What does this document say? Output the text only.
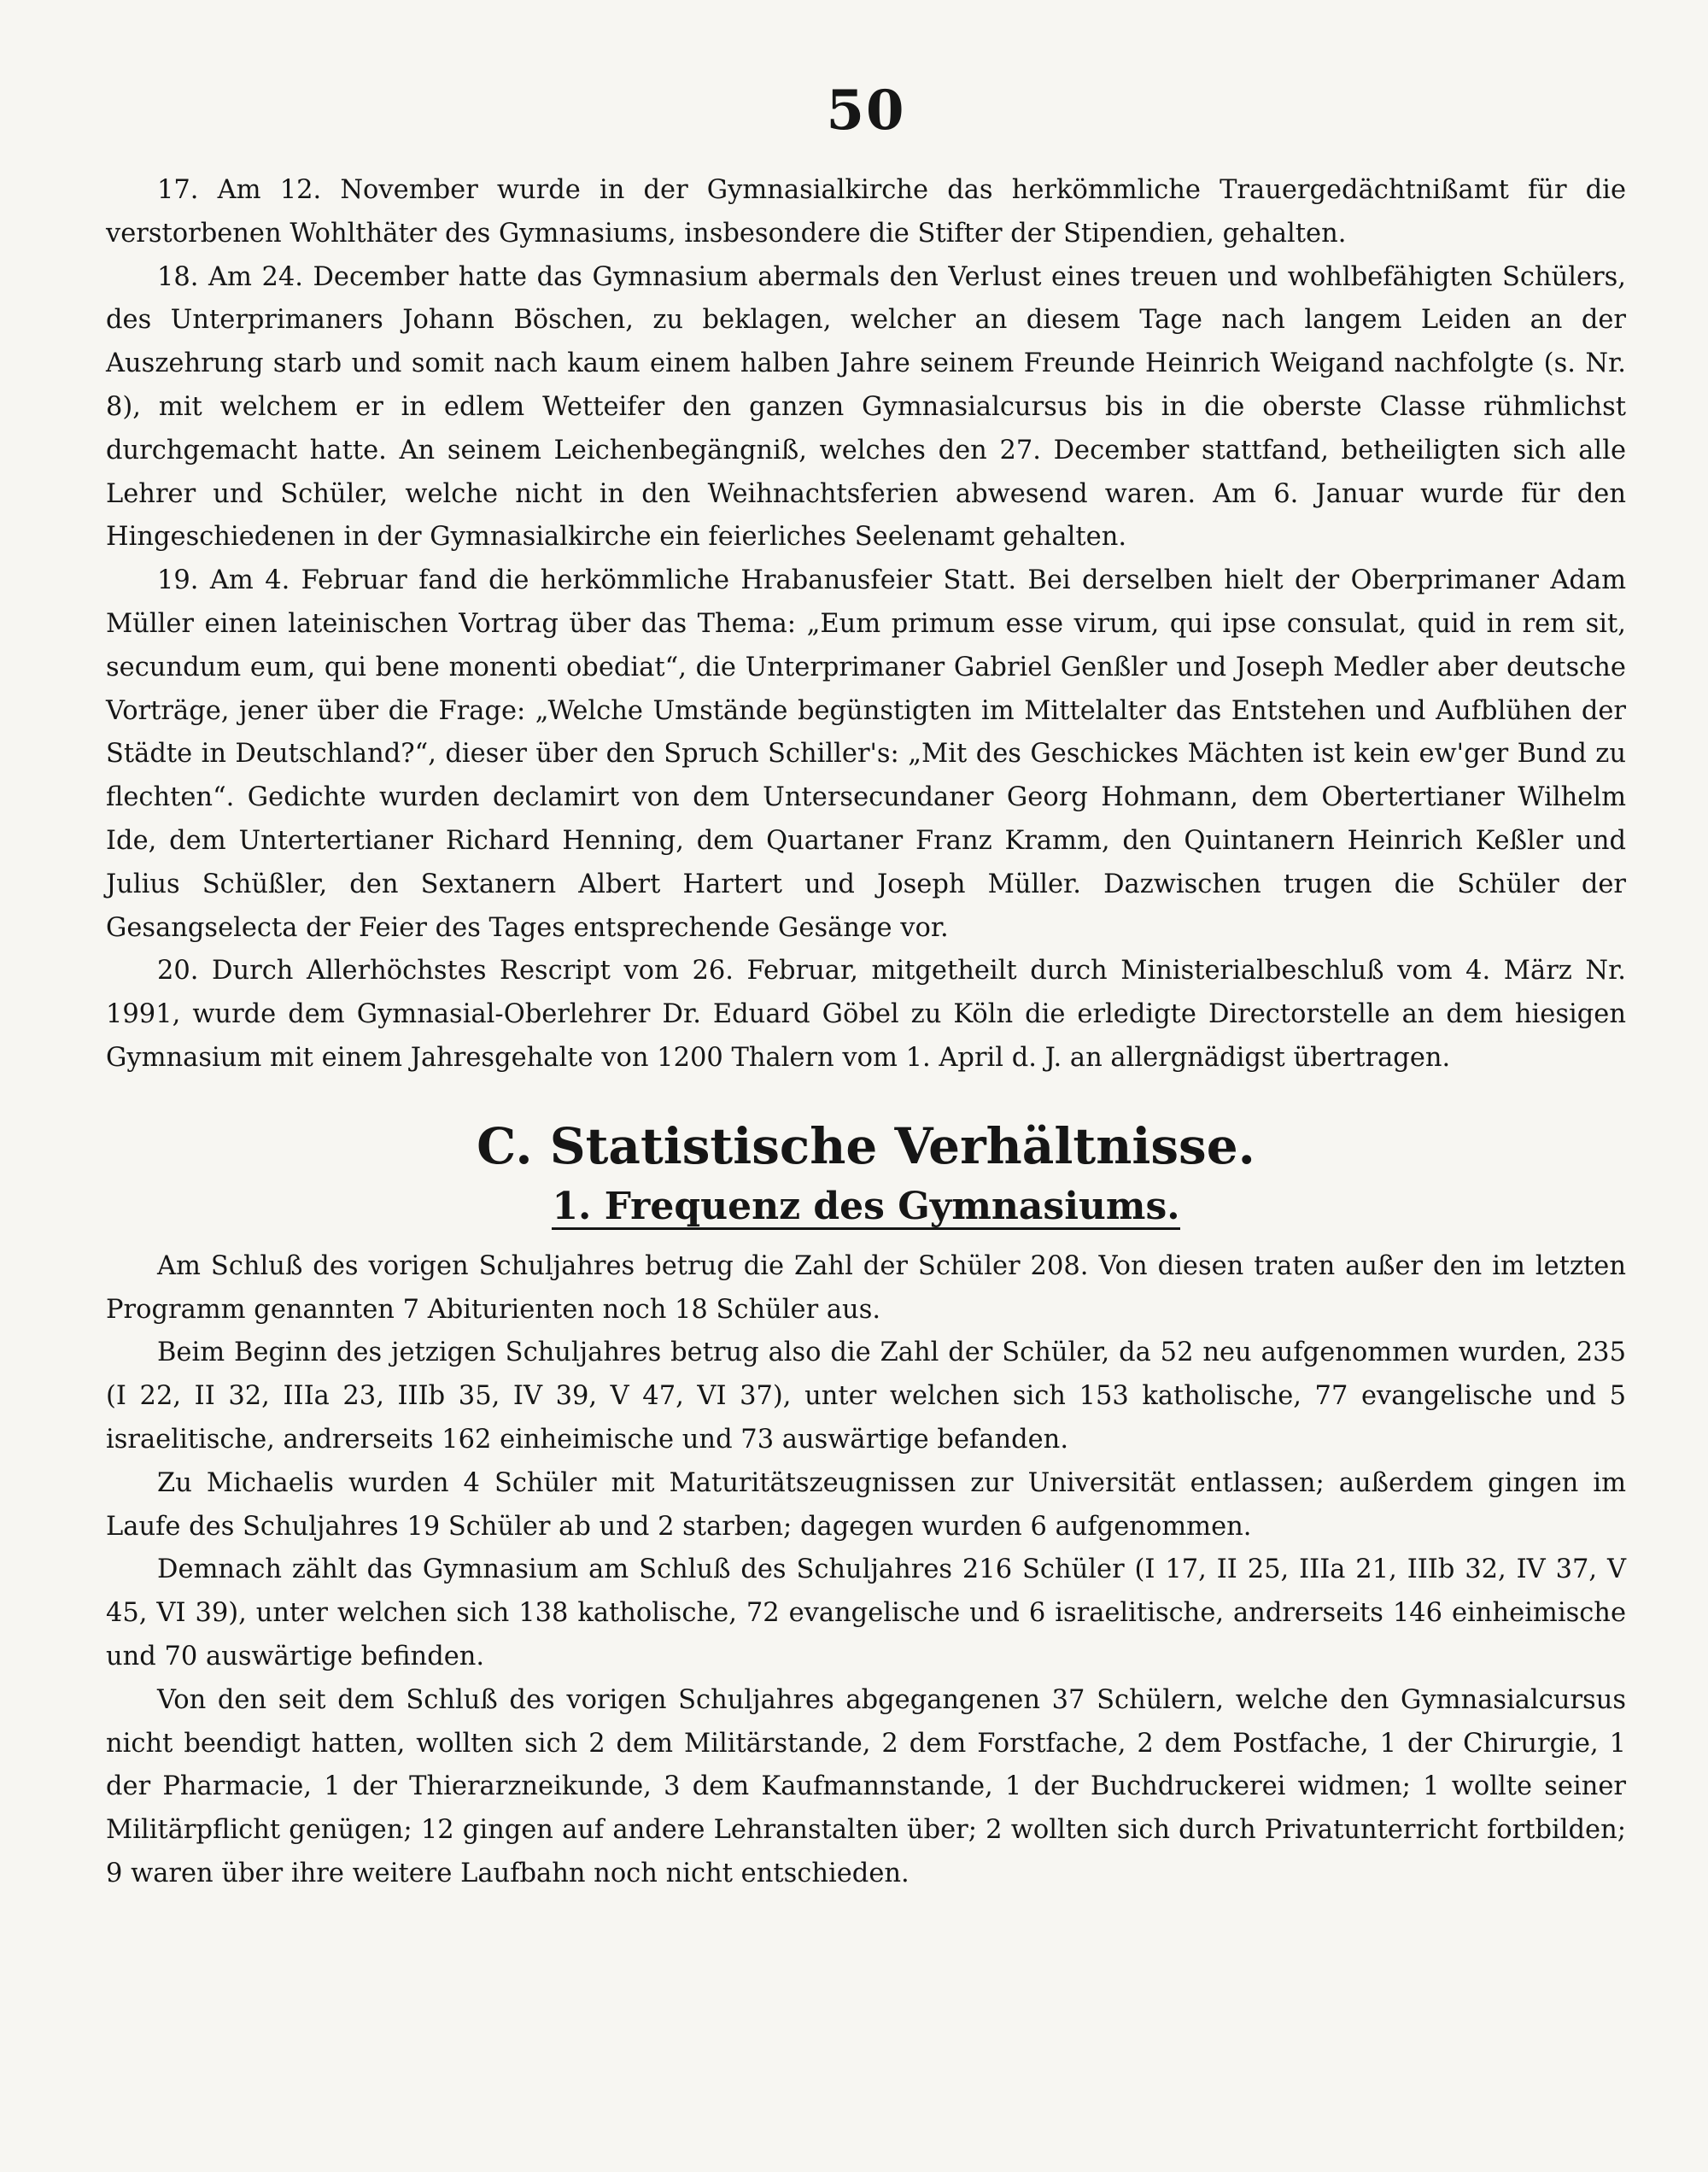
50

17. Am 12. November wurde in der Gymnasialkirche das herkömmliche Trauergedächtnißamt für die verstorbenen Wohlthäter des Gymnasiums, insbesondere die Stifter der Stipendien, gehalten.

18. Am 24. December hatte das Gymnasium abermals den Verlust eines treuen und wohlbefähigten Schülers, des Unterprimaners Johann Böschen, zu beklagen, welcher an diesem Tage nach langem Leiden an der Auszehrung starb und somit nach kaum einem halben Jahre seinem Freunde Heinrich Weigand nachfolgte (s. Nr. 8), mit welchem er in edlem Wetteifer den ganzen Gymnasialcursus bis in die oberste Classe rühmlichst durchgemacht hatte. An seinem Leichenbegängniß, welches den 27. December stattfand, betheiligten sich alle Lehrer und Schüler, welche nicht in den Weihnachtsferien abwesend waren. Am 6. Januar wurde für den Hingeschiedenen in der Gymnasialkirche ein feierliches Seelenamt gehalten.

19. Am 4. Februar fand die herkömmliche Hrabanusfeier Statt. Bei derselben hielt der Oberprimaner Adam Müller einen lateinischen Vortrag über das Thema: „Eum primum esse virum, qui ipse consulat, quid in rem sit, secundum eum, qui bene monenti obediat“, die Unterprimaner Gabriel Genßler und Joseph Medler aber deutsche Vorträge, jener über die Frage: „Welche Umstände begünstigten im Mittelalter das Entstehen und Aufblühen der Städte in Deutschland?“, dieser über den Spruch Schiller's: „Mit des Geschickes Mächten ist kein ew'ger Bund zu flechten“. Gedichte wurden declamirt von dem Untersecundaner Georg Hohmann, dem Obertertianer Wilhelm Ide, dem Untertertianer Richard Henning, dem Quartaner Franz Kramm, den Quintanern Heinrich Keßler und Julius Schüßler, den Sextanern Albert Hartert und Joseph Müller. Dazwischen trugen die Schüler der Gesangselecta der Feier des Tages entsprechende Gesänge vor.

20. Durch Allerhöchstes Rescript vom 26. Februar, mitgetheilt durch Ministerialbeschluß vom 4. März Nr. 1991, wurde dem Gymnasial-Oberlehrer Dr. Eduard Göbel zu Köln die erledigte Directorstelle an dem hiesigen Gymnasium mit einem Jahresgehalte von 1200 Thalern vom 1. April d. J. an allergnädigst übertragen.

C. Statistische Verhältnisse.
1. Frequenz des Gymnasiums.

Am Schluß des vorigen Schuljahres betrug die Zahl der Schüler 208. Von diesen traten außer den im letzten Programm genannten 7 Abiturienten noch 18 Schüler aus.

Beim Beginn des jetzigen Schuljahres betrug also die Zahl der Schüler, da 52 neu aufgenommen wurden, 235 (I 22, II 32, IIIa 23, IIIb 35, IV 39, V 47, VI 37), unter welchen sich 153 katholische, 77 evangelische und 5 israelitische, andrerseits 162 einheimische und 73 auswärtige befanden.

Zu Michaelis wurden 4 Schüler mit Maturitätszeugnissen zur Universität entlassen; außerdem gingen im Laufe des Schuljahres 19 Schüler ab und 2 starben; dagegen wurden 6 aufgenommen.

Demnach zählt das Gymnasium am Schluß des Schuljahres 216 Schüler (I 17, II 25, IIIa 21, IIIb 32, IV 37, V 45, VI 39), unter welchen sich 138 katholische, 72 evangelische und 6 israelitische, andrerseits 146 einheimische und 70 auswärtige befinden.

Von den seit dem Schluß des vorigen Schuljahres abgegangenen 37 Schülern, welche den Gymnasialcursus nicht beendigt hatten, wollten sich 2 dem Militärstande, 2 dem Forstfache, 2 dem Postfache, 1 der Chirurgie, 1 der Pharmacie, 1 der Thierarzneikunde, 3 dem Kaufmannstande, 1 der Buchdruckerei widmen; 1 wollte seiner Militärpflicht genügen; 12 gingen auf andere Lehranstalten über; 2 wollten sich durch Privatunterricht fortbilden; 9 waren über ihre weitere Laufbahn noch nicht entschieden.
